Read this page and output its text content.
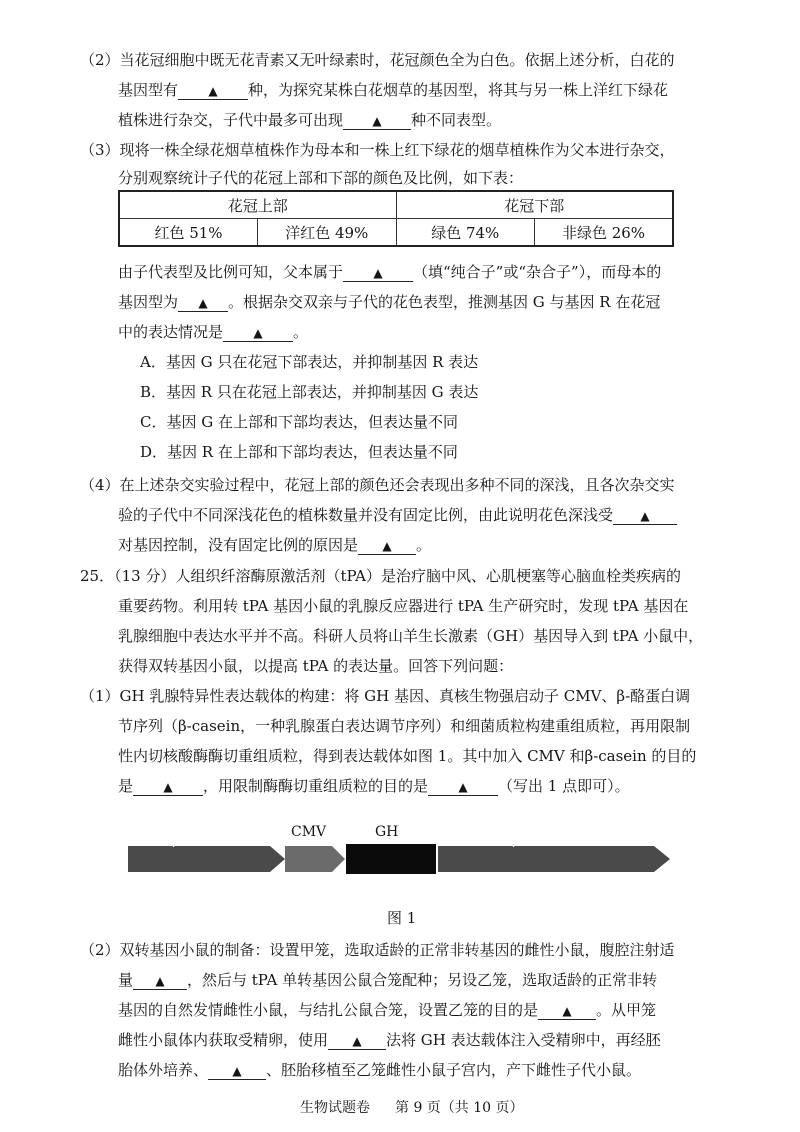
（2）当花冠细胞中既无花青素又无叶绿素时，花冠颜色全为白色。依据上述分析，白花的
基因型有 ▲	种，为探究某株白花烟草的基因型，将其与另一株上洋红下绿花
植株进行杂交，子代中最多可出现 ▲	种不同表型。
（3）现将一株全绿花烟草植株作为母本和一株上红下绿花的烟草植株作为父本进行杂交，
分别观察统计子代的花冠上部和下部的颜色及比例，如下表：
花冠上部		花冠下部	
红色 51%	洋红色 49%	绿色 74%	非绿色 26%
由子代表型及比例可知，父本属于 ▲	（填“纯合子”或“杂合子”），而母本的
基因型为 ▲	。根据杂交双亲与子代的花色表型，推测基因 G 与基因 R 在花冠
中的表达情况是 ▲	。
A．基因 G 只在花冠下部表达，并抑制基因 R 表达
B．基因 R 只在花冠上部表达，并抑制基因 G 表达
C．基因 G 在上部和下部均表达，但表达量不同
D．基因 R 在上部和下部均表达，但表达量不同
（4）在上述杂交实验过程中，花冠上部的颜色还会表现出多种不同的深浅，且各次杂交实
验的子代中不同深浅花色的植株数量并没有固定比例，由此说明花色深浅受▲
对基因控制，没有固定比例的原因是 ▲	。
25．（13 分）人组织纤溶酶原激活剂（tPA）是治疗脑中风、心肌梗塞等心脑血栓类疾病的
重要药物。利用转 tPA 基因小鼠的乳腺反应器进行 tPA 生产研究时，发现 tPA 基因在
乳腺细胞中表达水平并不高。科研人员将山羊生长激素（GH）基因导入到 tPA 小鼠中，
获得双转基因小鼠，以提高 tPA 的表达量。回答下列问题：
（1）GH 乳腺特异性表达载体的构建：将 GH 基因、真核生物强启动子 CMV、β-酪蛋白调
节序列（β-casein，一种乳腺蛋白表达调节序列）和细菌质粒构建重组质粒，再用限制
性内切核酸酶酶切重组质粒，得到表达载体如图 1。其中加入 CMV 和β-casein 的目的
是 ▲	，用限制酶酶切重组质粒的目的是 ▲	（写出 1 点即可）。
β-casein	CMV	GH	β-casein
图 1
（2）双转基因小鼠的制备：设置甲笼，选取适龄的正常非转基因的雌性小鼠，腹腔注射适
量 ▲	，然后与 tPA 单转基因公鼠合笼配种；另设乙笼，选取适龄的正常非转
基因的自然发情雌性小鼠，与结扎公鼠合笼，设置乙笼的目的是 ▲	。从甲笼
雌性小鼠体内获取受精卵，使用 ▲	法将 GH 表达载体注入受精卵中，再经胚
胎体外培养、 ▲	、胚胎移植至乙笼雌性小鼠子宫内，产下雌性子代小鼠。
生物试题卷 第 9 页（共 10 页）
